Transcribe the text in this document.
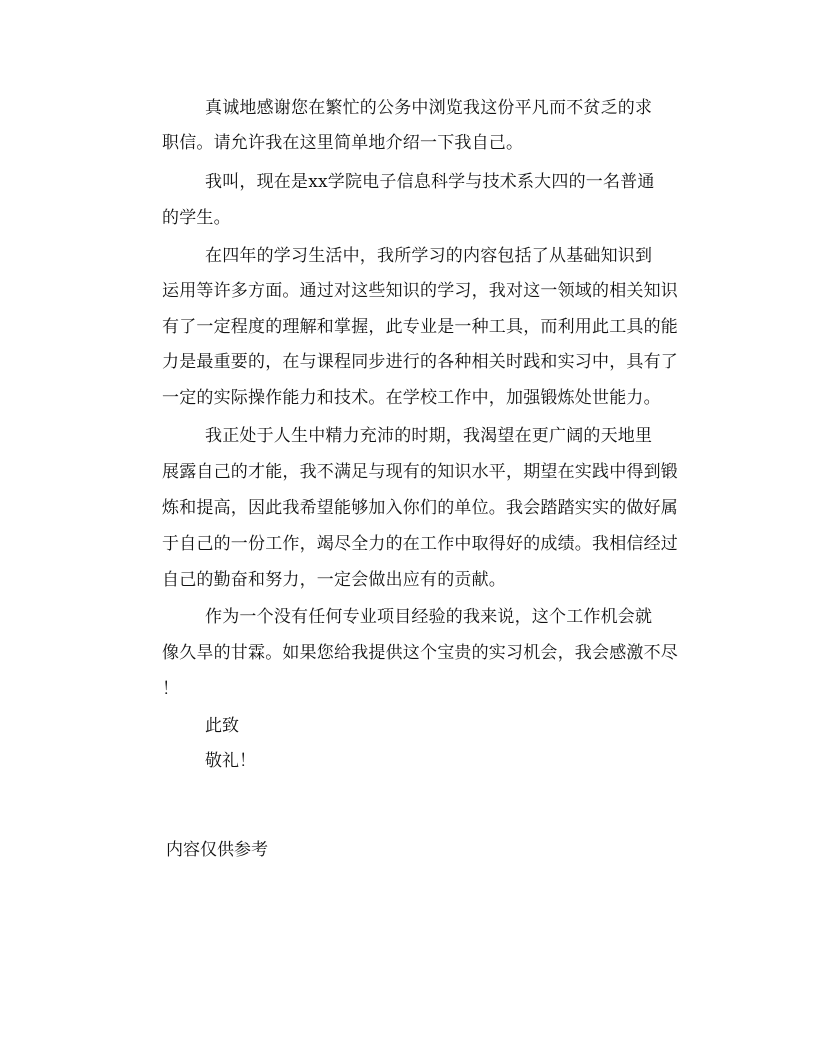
真诚地感谢您在繁忙的公务中浏览我这份平凡而不贫乏的求
职信。请允许我在这里简单地介绍一下我自己。
我叫，现在是xx学院电子信息科学与技术系大四的一名普通
的学生。
在四年的学习生活中，我所学习的内容包括了从基础知识到
运用等许多方面。通过对这些知识的学习，我对这一领域的相关知识
有了一定程度的理解和掌握，此专业是一种工具，而利用此工具的能
力是最重要的，在与课程同步进行的各种相关时践和实习中，具有了
一定的实际操作能力和技术。在学校工作中，加强锻炼处世能力。
我正处于人生中精力充沛的时期，我渴望在更广阔的天地里
展露自己的才能，我不满足与现有的知识水平，期望在实践中得到锻
炼和提高，因此我希望能够加入你们的单位。我会踏踏实实的做好属
于自己的一份工作，竭尽全力的在工作中取得好的成绩。我相信经过
自己的勤奋和努力，一定会做出应有的贡献。
作为一个没有任何专业项目经验的我来说，这个工作机会就
像久旱的甘霖。如果您给我提供这个宝贵的实习机会，我会感激不尽
！
此致
敬礼！
内容仅供参考
